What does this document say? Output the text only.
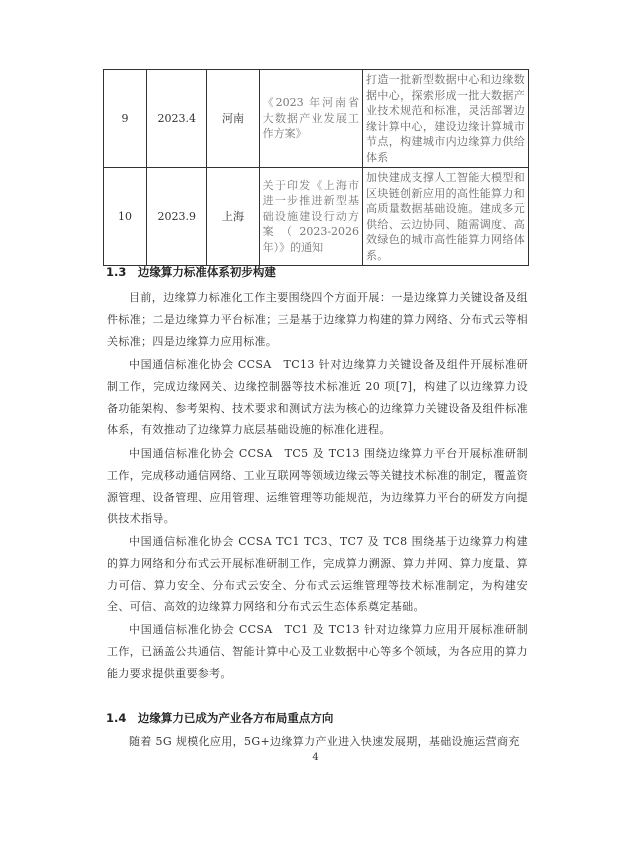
9	2023.4	河南	《2023 年河南省大数据产业发展工作方案》	打造一批新型数据中心和边缘数据中心，探索形成一批大数据产业技术规范和标准，灵活部署边缘计算中心，建设边缘计算城市节点，构建城市内边缘算力供给体系
10	2023.9	上海	关于印发《上海市进一步推进新型基础设施建设行动方案（2023-2026年）》的通知	加快建成支撑人工智能大模型和区块链创新应用的高性能算力和高质量数据基础设施。建成多元供给、云边协同、随需调度、高效绿色的城市高性能算力网络体系。
1.3　边缘算力标准体系初步构建

目前，边缘算力标准化工作主要围绕四个方面开展：一是边缘算力关键设备及组件标准；二是边缘算力平台标准；三是基于边缘算力构建的算力网络、分布式云等相关标准；四是边缘算力应用标准。

中国通信标准化协会 CCSA　TC13 针对边缘算力关键设备及组件开展标准研制工作，完成边缘网关、边缘控制器等技术标准近 20 项[7]，构建了以边缘算力设备功能架构、参考架构、技术要求和测试方法为核心的边缘算力关键设备及组件标准体系，有效推动了边缘算力底层基础设施的标准化进程。

中国通信标准化协会 CCSA　TC5 及 TC13 围绕边缘算力平台开展标准研制工作，完成移动通信网络、工业互联网等领域边缘云等关键技术标准的制定，覆盖资源管理、设备管理、应用管理、运维管理等功能规范，为边缘算力平台的研发方向提供技术指导。

中国通信标准化协会 CCSA TC1 TC3、TC7 及 TC8 围绕基于边缘算力构建的算力网络和分布式云开展标准研制工作，完成算力溯源、算力并网、算力度量、算力可信、算力安全、分布式云安全、分布式云运维管理等技术标准制定，为构建安全、可信、高效的边缘算力网络和分布式云生态体系奠定基础。

中国通信标准化协会 CCSA　TC1 及 TC13 针对边缘算力应用开展标准研制工作，已涵盖公共通信、智能计算中心及工业数据中心等多个领域，为各应用的算力能力要求提供重要参考。

1.4　边缘算力已成为产业各方布局重点方向

随着 5G 规模化应用，5G+边缘算力产业进入快速发展期，基础设施运营商充

4
